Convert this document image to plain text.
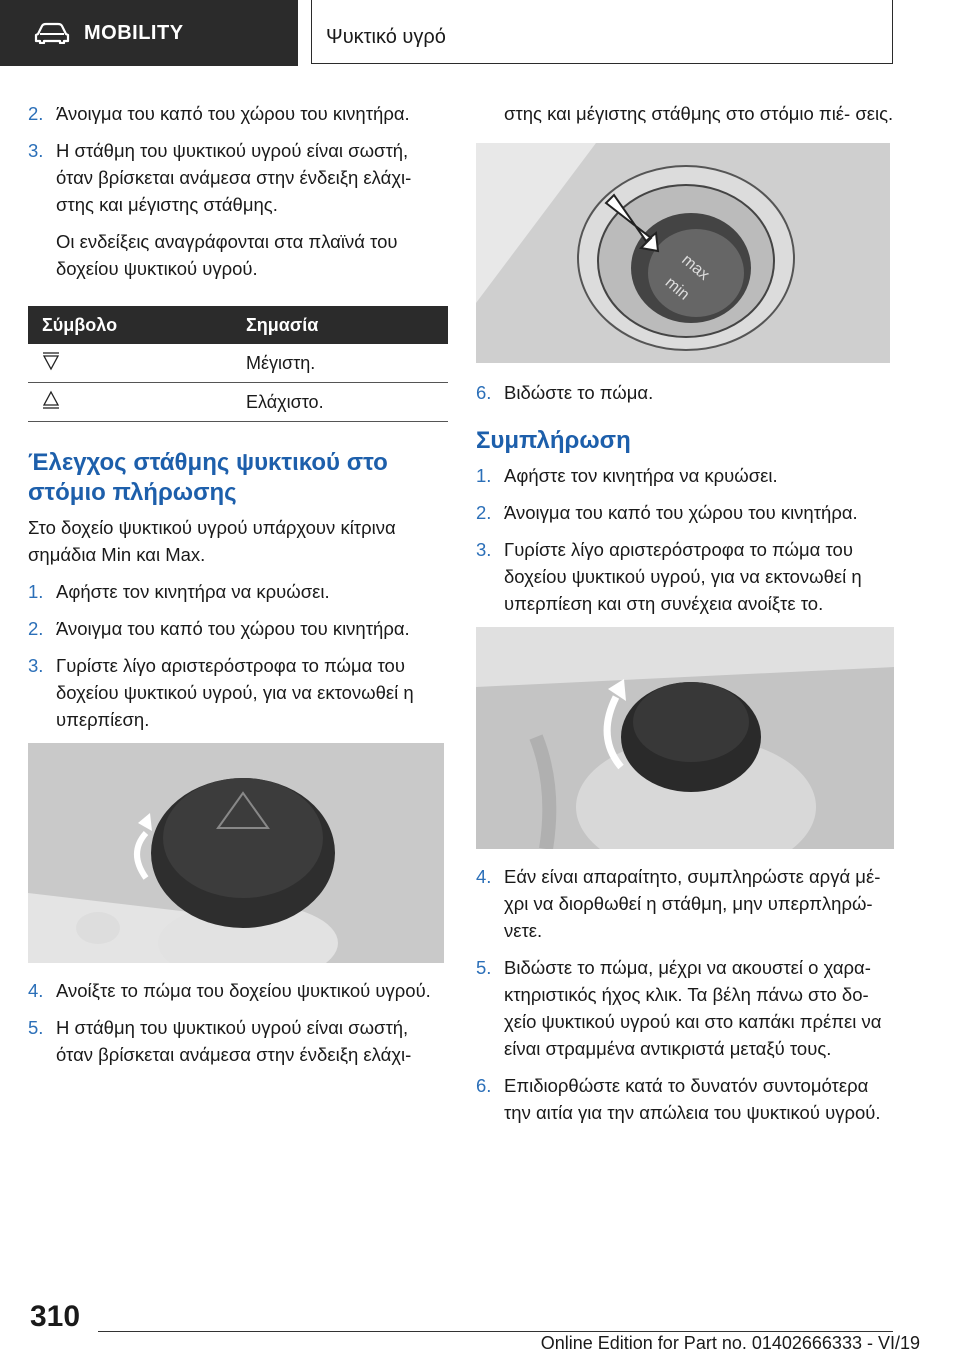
MOBILITY	Ψυκτικό υγρό
2. Άνοιγμα του καπό του χώρου του κινητήρα.
3. Η στάθμη του ψυκτικού υγρού είναι σωστή, όταν βρίσκεται ανάμεσα στην ένδειξη ελάχι- στης και μέγιστης στάθμης.
Οι ενδείξεις αναγράφονται στα πλαϊνά του δοχείου ψυκτικού υγρού.
Σύμβολο	Σημασία
	Μέγιστη.
	Ελάχιστο.
Έλεγχος στάθμης ψυκτικού στο στόμιο πλήρωσης
Στο δοχείο ψυκτικού υγρού υπάρχουν κίτρινα σημάδια Min και Max.
1. Αφήστε τον κινητήρα να κρυώσει.
2. Άνοιγμα του καπό του χώρου του κινητήρα.
3. Γυρίστε λίγο αριστερόστροφα το πώμα του δοχείου ψυκτικού υγρού, για να εκτονωθεί η υπερπίεση.
4. Ανοίξτε το πώμα του δοχείου ψυκτικού υγρού.
5. Η στάθμη του ψυκτικού υγρού είναι σωστή, όταν βρίσκεται ανάμεσα στην ένδειξη ελάχι-
στης και μέγιστης στάθμης στο στόμιο πιέ- σεις.
max
min
6. Βιδώστε το πώμα.
Συμπλήρωση
1. Αφήστε τον κινητήρα να κρυώσει.
2. Άνοιγμα του καπό του χώρου του κινητήρα.
3. Γυρίστε λίγο αριστερόστροφα το πώμα του δοχείου ψυκτικού υγρού, για να εκτονωθεί η υπερπίεση και στη συνέχεια ανοίξτε το.
4. Εάν είναι απαραίτητο, συμπληρώστε αργά μέ- χρι να διορθωθεί η στάθμη, μην υπερπληρώ- νετε.
5. Βιδώστε το πώμα, μέχρι να ακουστεί ο χαρα- κτηριστικός ήχος κλικ. Τα βέλη πάνω στο δο- χείο ψυκτικού υγρού και στο καπάκι πρέπει να είναι στραμμένα αντικριστά μεταξύ τους.
6. Επιδιορθώστε κατά το δυνατόν συντομότερα την αιτία για την απώλεια του ψυκτικού υγρού.
310
Online Edition for Part no. 01402666333 - VI/19
